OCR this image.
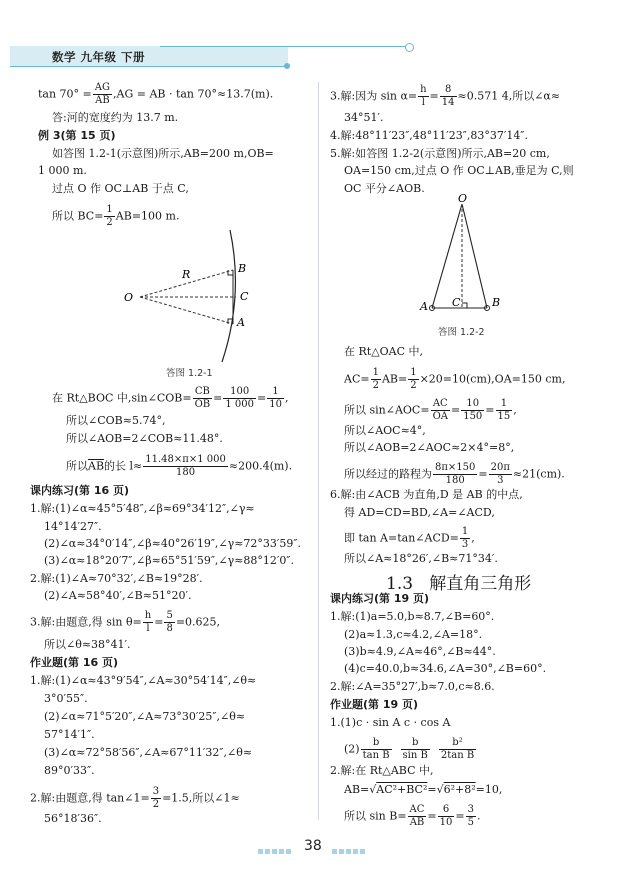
数学 九年级 下册
$\tan 70^\circ = \frac{AG}{AB} ,AG$ = AB · tan 70°≈13.7(m).
答:河的宽度约为 13.7 m.
例 3(第 15 页)
如答图 1.2-1(示意图)所示,AB=200 m,OB=
1 000 m.
过点 O 作 OC⊥AB 于点 C,
所以 $BC= \frac{1}{2} AB=100$ m.
R
O
B
C
A
答图 1.2-1
在 Rt△BOC 中,sin∠COB= $\frac{CB}{OB} = \frac{100}{1 000} = \frac{1}{10}$ ,
所以∠COB≈5.74°,
所以∠AOB=2∠COB≈11.48°.
所以$\overline{AB}$的长 $l\approx \frac{11.48\times\pi\times 1 000}{180} \approx 200.4(m)$.
课内练习(第 16 页)
1.解:(1)∠α≈45°5′48″,∠β≈69°34′12″,∠γ≈
14°14′27″.
(2)∠α≈34°0′14″,∠β≈40°26′19″,∠γ≈72°33′59″.
(3)∠α≈18°20′7″,∠β≈65°51′59″,∠γ≈88°12′0″.
2.解:(1)∠A≈70°32′,∠B≈19°28′.
(2)∠A≈58°40′,∠B≈51°20′.
3.解:由题意,得 $\sin \theta= \frac{h}{l} = \frac{5}{8} =0.625$,
所以∠θ≈38°41′.
作业题(第 16 页)
1.解:(1)∠α≈43°9′54″,∠A≈30°54′14″,∠θ≈
3°0′55″.
(2)∠α≈71°5′20″,∠A≈73°30′25″,∠θ≈
57°14′1″.
(3)∠α≈72°58′56″,∠A≈67°11′32″,∠θ≈
89°0′33″.
2.解:由题意,得 tan∠1= $\frac{3}{2} =1.5$,所以∠1≈
56°18′36″.
3.解:因为 $\sin \alpha= \frac{h}{l} = \frac{8}{14} \approx 0.571$ 4,所以∠α≈
34°51′.
4.解:48°11′23″,48°11′23″,83°37′14″.
5.解:如答图 1.2-2(示意图)所示,AB=20 cm,
OA=150 cm,过点 O 作 OC⊥AB,垂足为 C,则
OC 平分∠AOB.
O
A C	B
答图 1.2-2
在 Rt△OAC 中,
$AC= \frac{1}{2} AB= \frac{1}{2} \times 20=10(cm),OA=150$ cm,
所以 sin∠AOC= $\frac{AC}{OA} = \frac{10}{150} = \frac{1}{15}$ ,
所以∠AOC≈4°,
所以∠AOB=2∠AOC≈2×4°=8°,
所以经过的路程为 $\frac{8\pi\times 150}{180} = \frac{20\pi}{3} \approx 21(cm)$.
6.解:由∠ACB 为直角,D 是 AB 的中点,
得 AD=CD=BD,∠A=∠ACD,
即 tan A=tan∠ACD= $\frac{1}{3}$ ,
所以∠A≈18°26′,∠B≈71°34′.
1.3 解直角三角形
课内练习(第 19 页)
1.解:(1)a=5.0,b≈8.7,∠B=60°.
(2)a≈1.3,c≈4.2,∠A=18°.
(3)b≈4.9,∠A≈46°,∠B≈44°.
(4)c=40.0,b≈34.6,∠A=30°,∠B=60°.
2.解:∠A=35°27′,b≈7.0,c≈8.6.
作业题(第 19 页)
1.(1)c · sin A c · cos A
$(2) \frac{b}{\text{tan B}}$
$\frac{b}{\text{sin B}}$
$\frac{\text{b²}}{\text{2tan B}}$
2.解:在 Rt△ABC 中,
AB=√AC²+BC²=√6²+8²=10,
所以 $\sin B= \frac{AC}{AB} = \frac{6}{10} = \frac{3}{5}$ .
38
